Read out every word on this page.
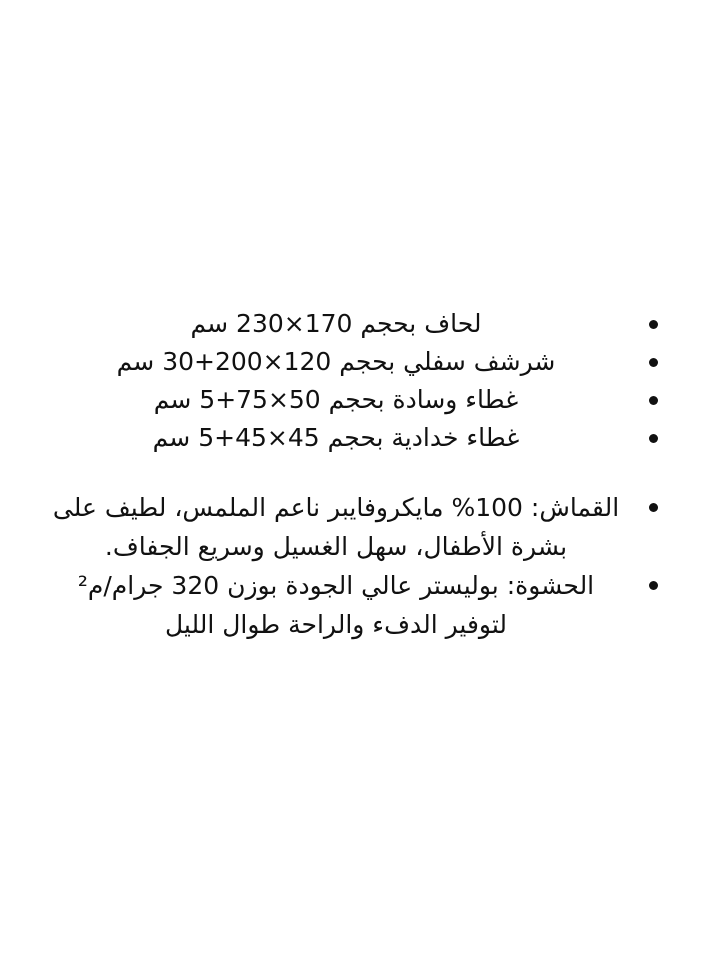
لحاف بحجم 170×230 سم
شرشف سفلي بحجم 120×200+30 سم
غطاء وسادة بحجم 50×75+5 سم
غطاء خدادية بحجم 45×45+5 سم
القماش: 100% مايكروفايبر ناعم الملمس، لطيف على بشرة الأطفال، سهل الغسيل وسريع الجفاف.
الحشوة: بوليستر عالي الجودة بوزن 320 جرام/م² لتوفير الدفء والراحة طوال الليل
